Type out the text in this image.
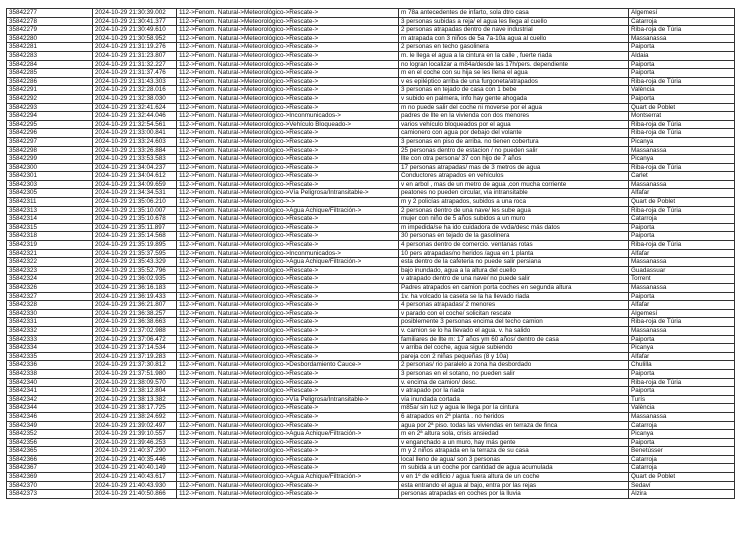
35842277	2024-10-29 21:30:39.002	112->Fenom. Natural->Meteorológico->Rescate->	m 78a antecedentes de infarto, sola dtro casa	Algemesí
35842278	2024-10-29 21:30:41.377	112->Fenom. Natural->Meteorológico->Rescate->	3 personas subidas a reja/ el agua les llega al cuello	Catarroja
35842279	2024-10-29 21:30:49.610	112->Fenom. Natural->Meteorológico->Rescate->	2 personas atrapadas dentro de nave industrial	Riba-roja de Túria
35842280	2024-10-29 21:30:58.952	112->Fenom. Natural->Meteorológico->Rescate->	m atrapada con 3 niños de 5a 7a-10a agua al cuello	Massanassa
35842281	2024-10-29 21:31:19.276	112->Fenom. Natural->Meteorológico->Rescate->	2 personas en techo gasolinera	Paiporta
35842283	2024-10-29 21:31:23.807	112->Fenom. Natural->Meteorológico->Rescate->	m. le llega el agua a la cintura en la calle , fuerte riada	Aldaia
35842284	2024-10-29 21:31:32.227	112->Fenom. Natural->Meteorológico->Rescate->	no logran localizar a m84a/desde las 17h/pers. dependiente	Paiporta
35842285	2024-10-29 21:31:37.476	112->Fenom. Natural->Meteorológico->Rescate->	m en el coche con su hija se les llena el agua	Paiporta
35842286	2024-10-29 21:31:43.303	112->Fenom. Natural->Meteorológico->Rescate->	v es epiléptico arriba de una furgoneta/atrapados	Riba-roja de Túria
35842291	2024-10-29 21:32:28.016	112->Fenom. Natural->Meteorológico->Rescate->	3 personas en tejado de casa con 1 bebe	València
35842292	2024-10-29 21:32:38.030	112->Fenom. Natural->Meteorológico->Rescate->	v subido en palmera, info hay gente ahogada	Paiporta
35842293	2024-10-29 21:32:41.624	112->Fenom. Natural->Meteorológico->Rescate->	m no puede salir del coche ni moverse por el agua	Quart de Poblet
35842294	2024-10-29 21:32:44.046	112->Fenom. Natural->Meteorológico->Inconmunicados->	padres de llte en la vivienda con dos menores	Montserrat
35842295	2024-10-29 21:32:54.561	112->Fenom. Natural->Meteorológico->Vehículo Bloqueado->	varios vehículo bloqueados por el agua	Riba-roja de Túria
35842296	2024-10-29 21:33:00.841	112->Fenom. Natural->Meteorológico->Rescate->	camionero con agua por debajo del volante	Riba-roja de Túria
35842297	2024-10-29 21:33:24.603	112->Fenom. Natural->Meteorológico->Rescate->	3 personas en piso de arriba. no tienen cobertura	Picanya
35842298	2024-10-29 21:33:26.884	112->Fenom. Natural->Meteorológico->Rescate->	25 personas dentro de estacion / no pueden salir	Massanassa
35842299	2024-10-29 21:33:53.583	112->Fenom. Natural->Meteorológico->Rescate->	llte con otra persona/ 37 con hijo de 7 años	Picanya
35842300	2024-10-29 21:34:04.237	112->Fenom. Natural->Meteorológico->Rescate->	17 personas atrapadas/ mas de 3 metros de agua	Riba-roja de Túria
35842301	2024-10-29 21:34:04.612	112->Fenom. Natural->Meteorológico->Rescate->	Conductores atrapados en vehículos	Carlet
35842303	2024-10-29 21:34:09.659	112->Fenom. Natural->Meteorológico->Rescate->	v en arbol , mas de un metro de agua ,con mucha corriente	Massanassa
35842305	2024-10-29 21:34:34.531	112->Fenom. Natural->Meteorológico->Vía Peligrosa/Intransitable->	peatones no pueden circular, vía intransitable	Alfafar
35842311	2024-10-29 21:35:06.210	112->Fenom. Natural->Meteorológico->->	m y 2 policías atrapados, subidos a una roca	Quart de Poblet
35842313	2024-10-29 21:35:10.007	112->Fenom. Natural->Meteorológico->Agua Achique/Filtración->	2 personas dentro de una nave/ les sube agua	Riba-roja de Túria
35842314	2024-10-29 21:35:10.678	112->Fenom. Natural->Meteorológico->Rescate->	mujer con niño de 5 años subidos a un muro	Catarroja
35842315	2024-10-29 21:35:11.897	112->Fenom. Natural->Meteorológico->Rescate->	m impedida/se ha ido cuidadora de vvda/desc más datos	Paiporta
35842318	2024-10-29 21:35:14.568	112->Fenom. Natural->Meteorológico->Rescate->	30 personas en tejado de la gasolinera	Paiporta
35842319	2024-10-29 21:35:19.895	112->Fenom. Natural->Meteorológico->Rescate->	4 personas dentro de comercio. ventanas rotas	Riba-roja de Túria
35842321	2024-10-29 21:35:37.595	112->Fenom. Natural->Meteorológico->Inconmunicados->	10 pers atrapadas/no heridos /agua en 1 planta	Alfafar
35842322	2024-10-29 21:35:43.329	112->Fenom. Natural->Meteorológico->Agua Achique/Filtración->	esta dentro de la cafeteria no puede salir persiana	Massanassa
35842323	2024-10-29 21:35:52.796	112->Fenom. Natural->Meteorológico->Rescate->	bajo inundado, agua a la altura del cuello	Guadassuar
35842324	2024-10-29 21:36:02.935	112->Fenom. Natural->Meteorológico->Rescate->	v atrapado dentro de una nave/ no puede salir	Torrent
35842326	2024-10-29 21:36:16.183	112->Fenom. Natural->Meteorológico->Rescate->	Padres atrapados en camion porta coches en segunda altura	Massanassa
35842327	2024-10-29 21:36:19.433	112->Fenom. Natural->Meteorológico->Rescate->	1v. ha volcado la caseta se la ha llevado riada	Paiporta
35842328	2024-10-29 21:36:21.807	112->Fenom. Natural->Meteorológico->Rescate->	4 personas atrapadas/ 2 menores	Alfafar
35842330	2024-10-29 21:36:38.257	112->Fenom. Natural->Meteorológico->Rescate->	v parado con el coche/ solicitan rescate	Algemesí
35842331	2024-10-29 21:36:38.663	112->Fenom. Natural->Meteorológico->Rescate->	posiblemente 3 personas encima del techo camion	Riba-roja de Túria
35842332	2024-10-29 21:37:02.988	112->Fenom. Natural->Meteorológico->Rescate->	v. camion se lo ha llevado el agua. v. ha salido	Massanassa
35842333	2024-10-29 21:37:06.472	112->Fenom. Natural->Meteorológico->Rescate->	familiares de llte m: 17 años ym 60 años/ dentro de casa	Paiporta
35842334	2024-10-29 21:37:14.534	112->Fenom. Natural->Meteorológico->Rescate->	v arriba del coche, agua sigue subiendo	Picanya
35842335	2024-10-29 21:37:19.283	112->Fenom. Natural->Meteorológico->Rescate->	pareja con 2 niñas pequeñas (8 y 10a)	Alfafar
35842336	2024-10-29 21:37:30.812	112->Fenom. Natural->Meteorológico->Desbordamiento Cauce->	2 personas/ rio paralelo a zona ha desbordado	Chulilla
35842338	2024-10-29 21:37:51.980	112->Fenom. Natural->Meteorológico->Rescate->	3 personas en el sotano, no pueden salir	Paiporta
35842340	2024-10-29 21:38:09.570	112->Fenom. Natural->Meteorológico->Rescate->	v. encima de camion/ desc.	Riba-roja de Túria
35842341	2024-10-29 21:38:12.804	112->Fenom. Natural->Meteorológico->Rescate->	v atrapado por la riada	Paiporta
35842342	2024-10-29 21:38:13.382	112->Fenom. Natural->Meteorológico->Vía Peligrosa/Intransitable->	vía inundada cortada	Turís
35842344	2024-10-29 21:38:17.725	112->Fenom. Natural->Meteorológico->Rescate->	m85a/ sin luz y agua le llega por la cintura	València
35842346	2024-10-29 21:38:24.692	112->Fenom. Natural->Meteorológico->Rescate->	6 atrapados en 2ª planta . no heridos	Massanassa
35842349	2024-10-29 21:39:02.497	112->Fenom. Natural->Meteorológico->Rescate->	agua por 2ª piso. todas las viviendas en terraza de finca	Catarroja
35842352	2024-10-29 21:39:10.557	112->Fenom. Natural->Meteorológico->Agua Achique/Filtración->	m en 2ª altura sola, crisis ansiedad	Picanya
35842356	2024-10-29 21:39:46.253	112->Fenom. Natural->Meteorológico->Rescate->	v enganchado a un muro, hay más gente	Paiporta
35842365	2024-10-29 21:40:37.290	112->Fenom. Natural->Meteorológico->Rescate->	m y 2 niños atrapada en la terraza de su casa	Benetússer
35842366	2024-10-29 21:40:35.446	112->Fenom. Natural->Meteorológico->Rescate->	local lleno de agua/ son 3 personas	Catarroja
35842367	2024-10-29 21:40:40.149	112->Fenom. Natural->Meteorológico->Rescate->	m subida a un coche por cantidad de agua acumulada	Catarroja
35842369	2024-10-29 21:40:43.617	112->Fenom. Natural->Meteorológico->Agua Achique/Filtración->	v en 1º de edificio / agua fuera altura de un coche	Quart de Poblet
35842370	2024-10-29 21:40:43.930	112->Fenom. Natural->Meteorológico->Rescate->	esta entrando el agua al bajo, entra por las rejas	Sedaví
35842373	2024-10-29 21:40:50.866	112->Fenom. Natural->Meteorológico->Rescate->	personas atrapadas en coches por la lluvia	Alzira
